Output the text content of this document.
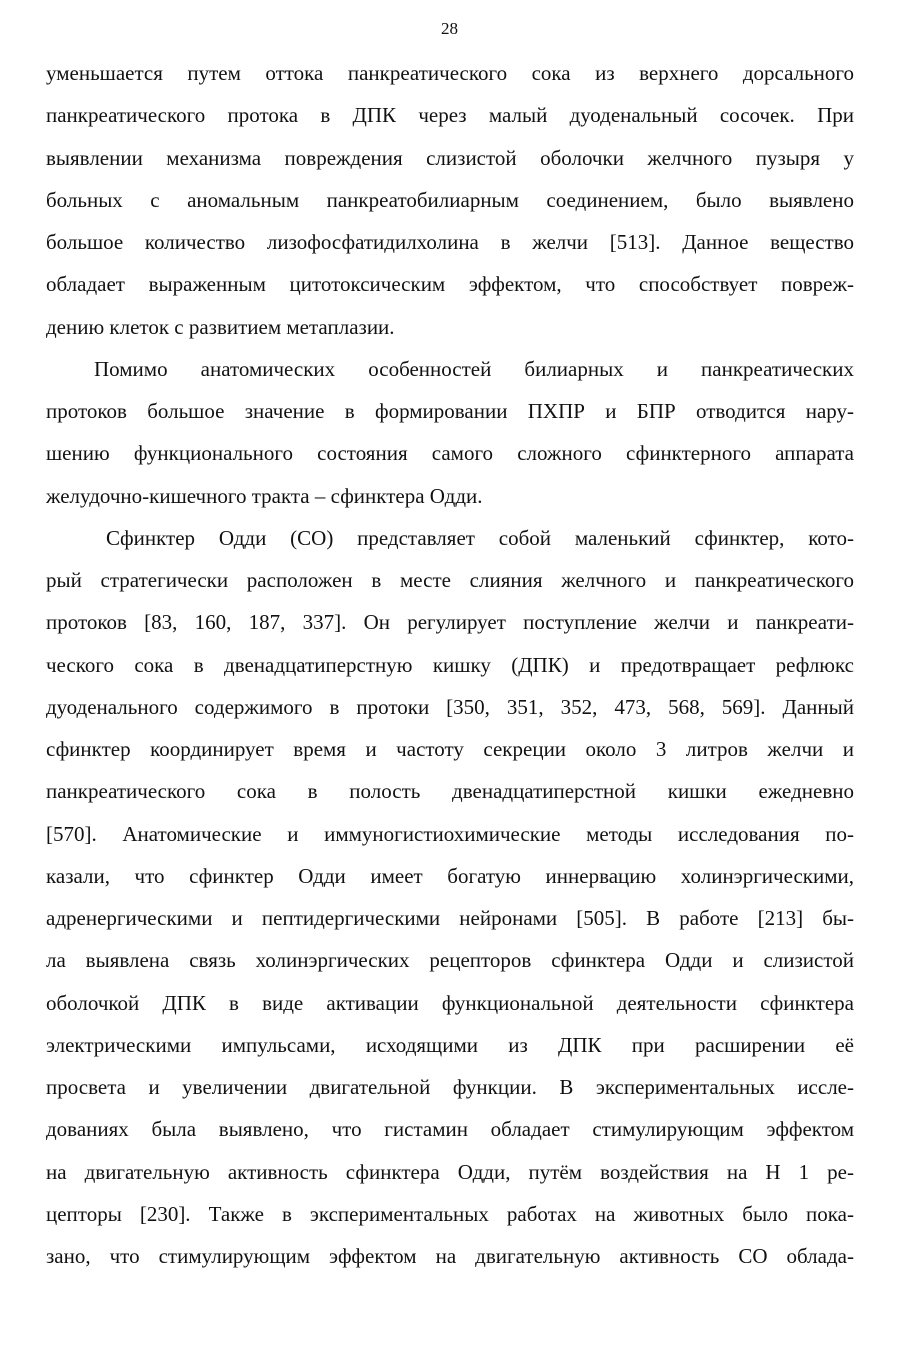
28
уменьшается путем оттока панкреатического сока из верхнего дорсального
панкреатического протока в ДПК через малый дуоденальный сосочек. При
выявлении механизма повреждения слизистой оболочки желчного пузыря у
больных с аномальным панкреатобилиарным соединением, было выявлено
большое количество лизофосфатидилхолина в желчи [513]. Данное вещество
обладает выраженным цитотоксическим эффектом, что способствует повреж-
дению клеток с развитием метаплазии.
Помимо анатомических особенностей билиарных и панкреатических
протоков большое значение в формировании ПХПР и БПР отводится нару-
шению функционального состояния самого сложного сфинктерного аппарата
желудочно-кишечного тракта – сфинктера Одди.
Сфинктер Одди (СО) представляет собой маленький сфинктер, кото-
рый стратегически расположен в месте слияния желчного и панкреатического
протоков [83, 160, 187, 337]. Он регулирует поступление желчи и панкреати-
ческого сока в двенадцатиперстную кишку (ДПК) и предотвращает рефлюкс
дуоденального содержимого в протоки [350, 351, 352, 473, 568, 569]. Данный
сфинктер координирует время и частоту секреции около 3 литров желчи и
панкреатического сока в полость двенадцатиперстной кишки ежедневно
[570]. Анатомические и иммуногистиохимические методы исследования по-
казали, что сфинктер Одди имеет богатую иннервацию холинэргическими,
адренергическими и пептидергическими нейронами [505]. В работе [213] бы-
ла выявлена связь холинэргических рецепторов сфинктера Одди и слизистой
оболочкой ДПК в виде активации функциональной деятельности сфинктера
электрическими импульсами, исходящими из ДПК при расширении её
просвета и увеличении двигательной функции. В экспериментальных иссле-
дованиях была выявлено, что гистамин обладает стимулирующим эффектом
на двигательную активность сфинктера Одди, путём воздействия на Н 1 ре-
цепторы [230]. Также в экспериментальных работах на животных было пока-
зано, что стимулирующим эффектом на двигательную активность СО облада-
